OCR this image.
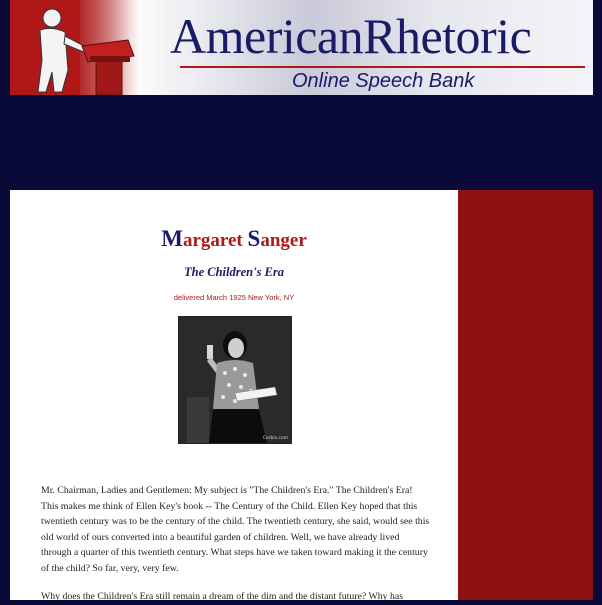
AmericanRhetoric
Online Speech Bank
Margaret Sanger
The Children's Era

delivered March 1925 New York, NY

Corbis.com

Mr. Chairman, Ladies and Gentlemen: My subject is "The Children's Era." The Children's Era! This makes me think of Ellen Key's book -- The Century of the Child. Ellen Key hoped that this twentieth century was to be the century of the child. The twentieth century, she said, would see this old world of ours converted into a beautiful garden of children. Well, we have already lived through a quarter of this twentieth century. What steps have we taken toward making it the century of the child? So far, very, very few.

Why does the Children's Era still remain a dream of the dim and the distant future? Why has
